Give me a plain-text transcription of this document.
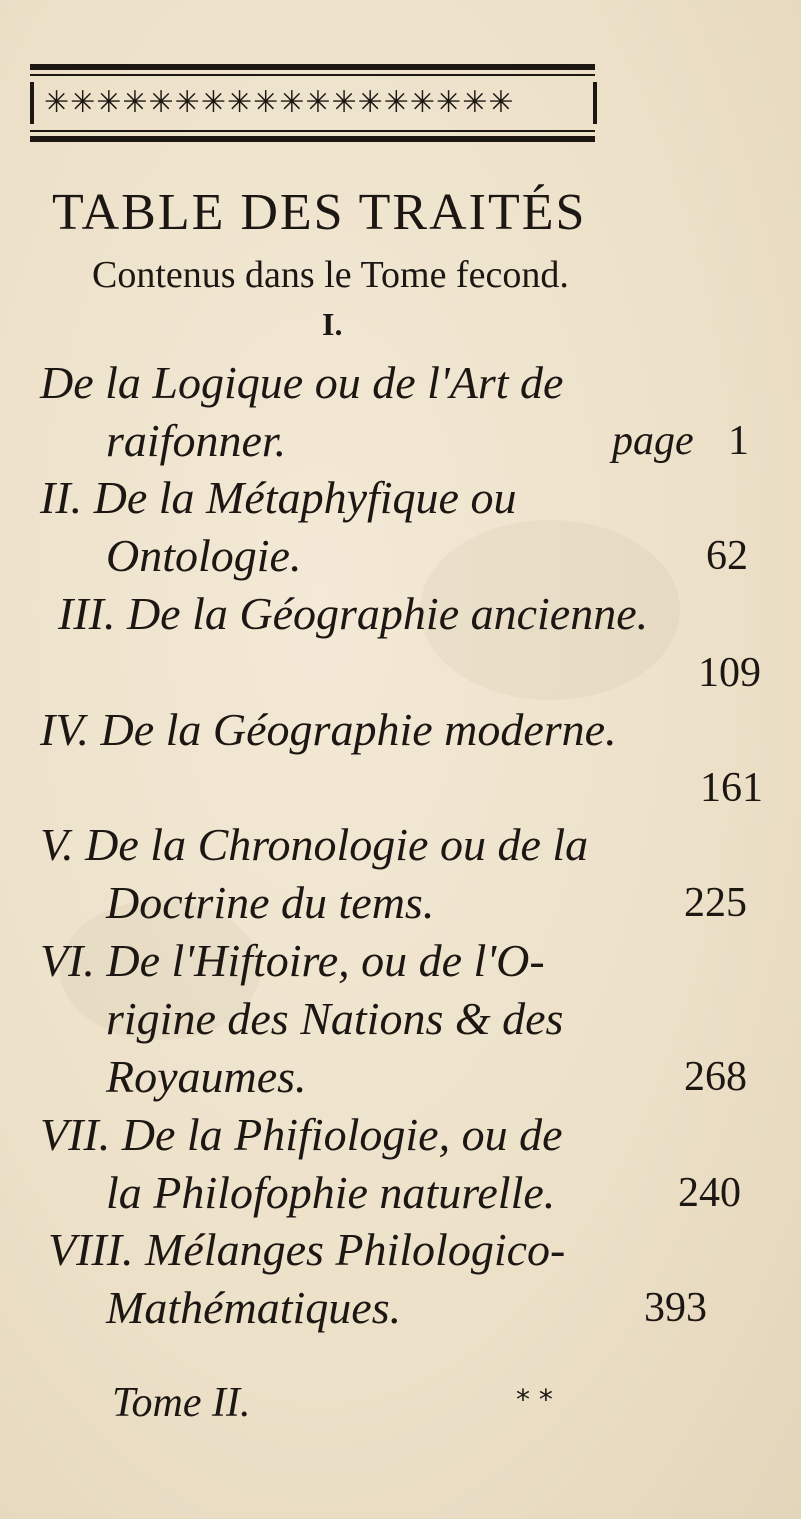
✳✳✳✳✳✳✳✳✳✳✳✳✳✳✳✳✳✳
TABLE DES TRAITÉS
Contenus dans le Tome fecond.
I.
De la Logique ou de l'Art de
raifonner.	page 1
II. De la Métaphyfique ou
Ontologie.	62
III. De la Géographie ancienne.
109
IV. De la Géographie moderne.
161
V. De la Chronologie ou de la
Doctrine du tems.	225
VI. De l'Hiftoire, ou de l'O-
rigine des Nations & des
Royaumes.	268
VII. De la Phifiologie, ou de
la Philofophie naturelle.	240
VIII. Mélanges Philologico-
Mathématiques.	393
Tome II.	* *
